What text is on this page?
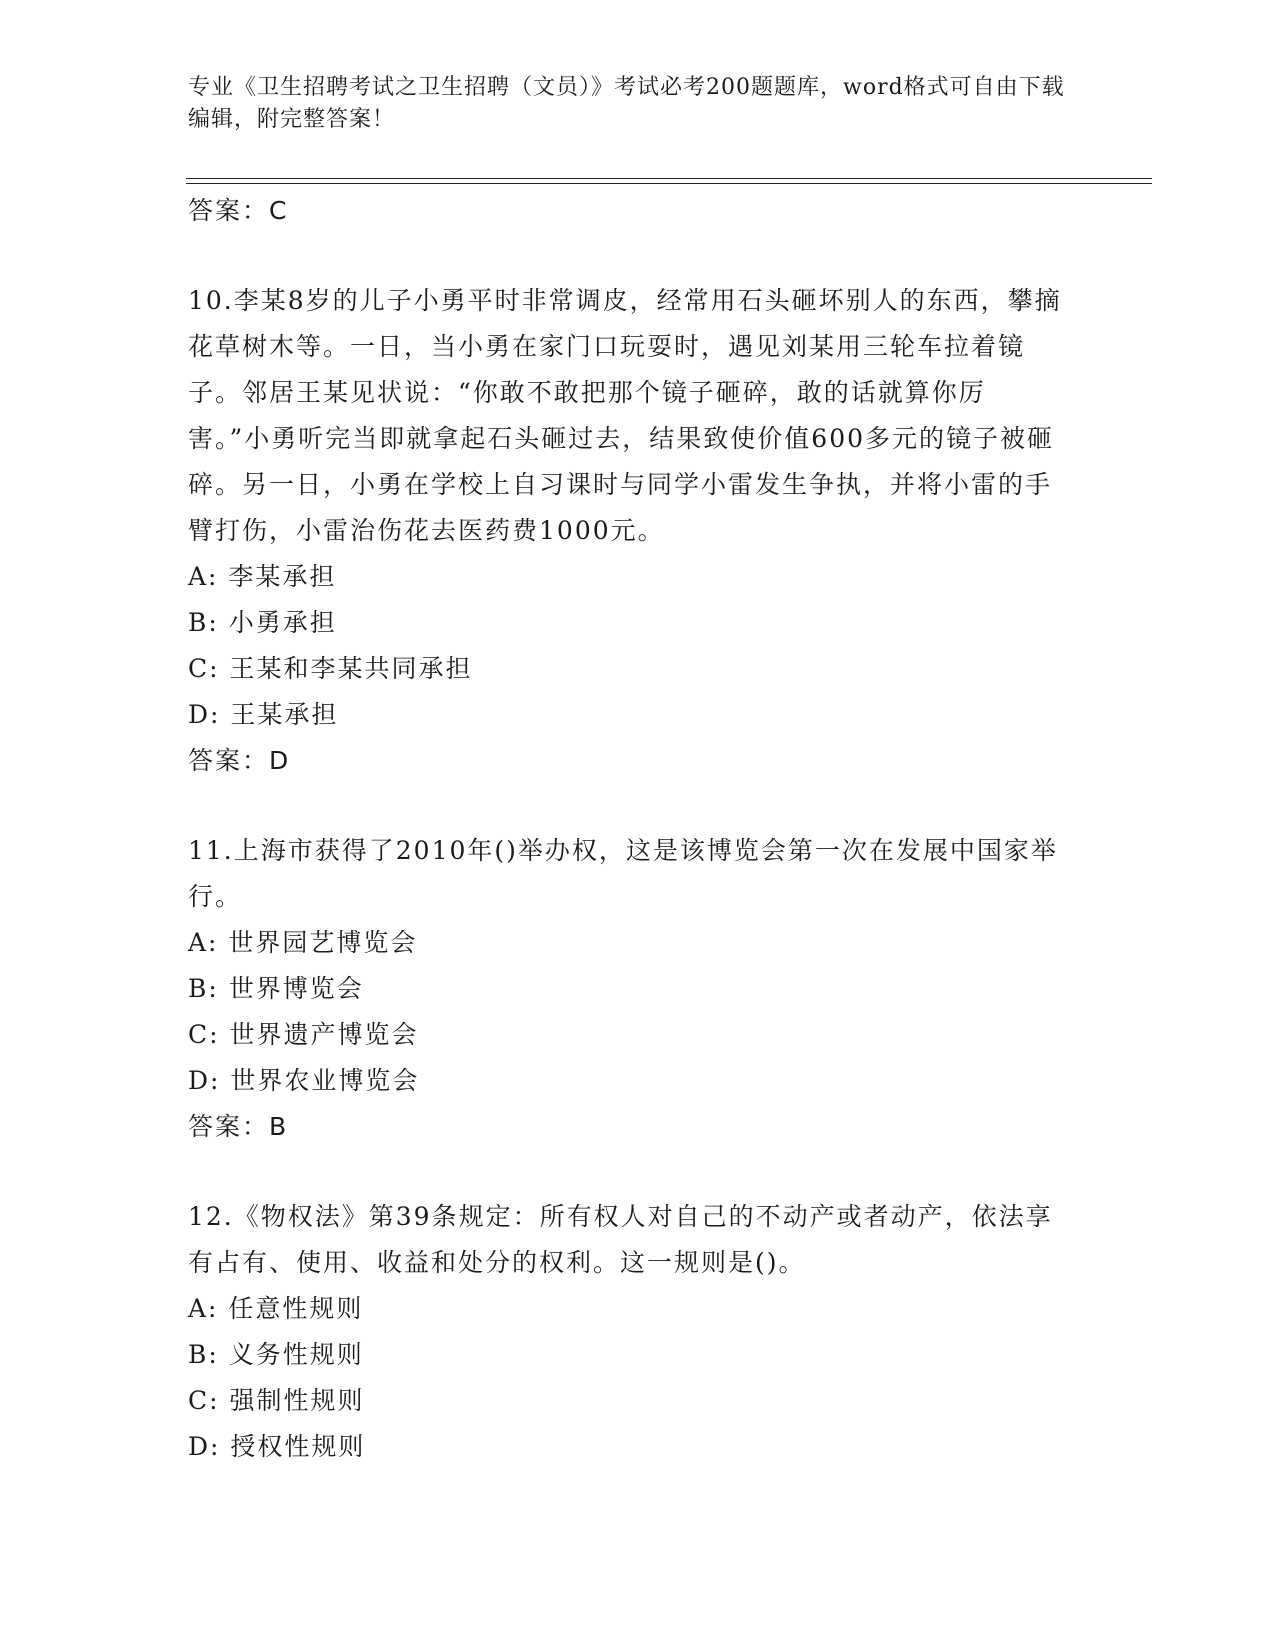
专业《卫生招聘考试之卫生招聘（文员）》考试必考200题题库，word格式可自由下载编辑，附完整答案！

答案：C

10.李某8岁的儿子小勇平时非常调皮，经常用石头砸坏别人的东西，攀摘花草树木等。一日，当小勇在家门口玩耍时，遇见刘某用三轮车拉着镜子。邻居王某见状说：“你敢不敢把那个镜子砸碎，敢的话就算你厉害。”小勇听完当即就拿起石头砸过去，结果致使价值600多元的镜子被砸碎。另一日，小勇在学校上自习课时与同学小雷发生争执，并将小雷的手臂打伤，小雷治伤花去医药费1000元。

A: 李某承担

B: 小勇承担

C: 王某和李某共同承担

D: 王某承担

答案：D

11.上海市获得了2010年()举办权，这是该博览会第一次在发展中国家举行。

A: 世界园艺博览会

B: 世界博览会

C: 世界遗产博览会

D: 世界农业博览会

答案：B

12.《物权法》第39条规定：所有权人对自己的不动产或者动产，依法享有占有、使用、收益和处分的权利。这一规则是()。

A: 任意性规则

B: 义务性规则

C: 强制性规则

D: 授权性规则
